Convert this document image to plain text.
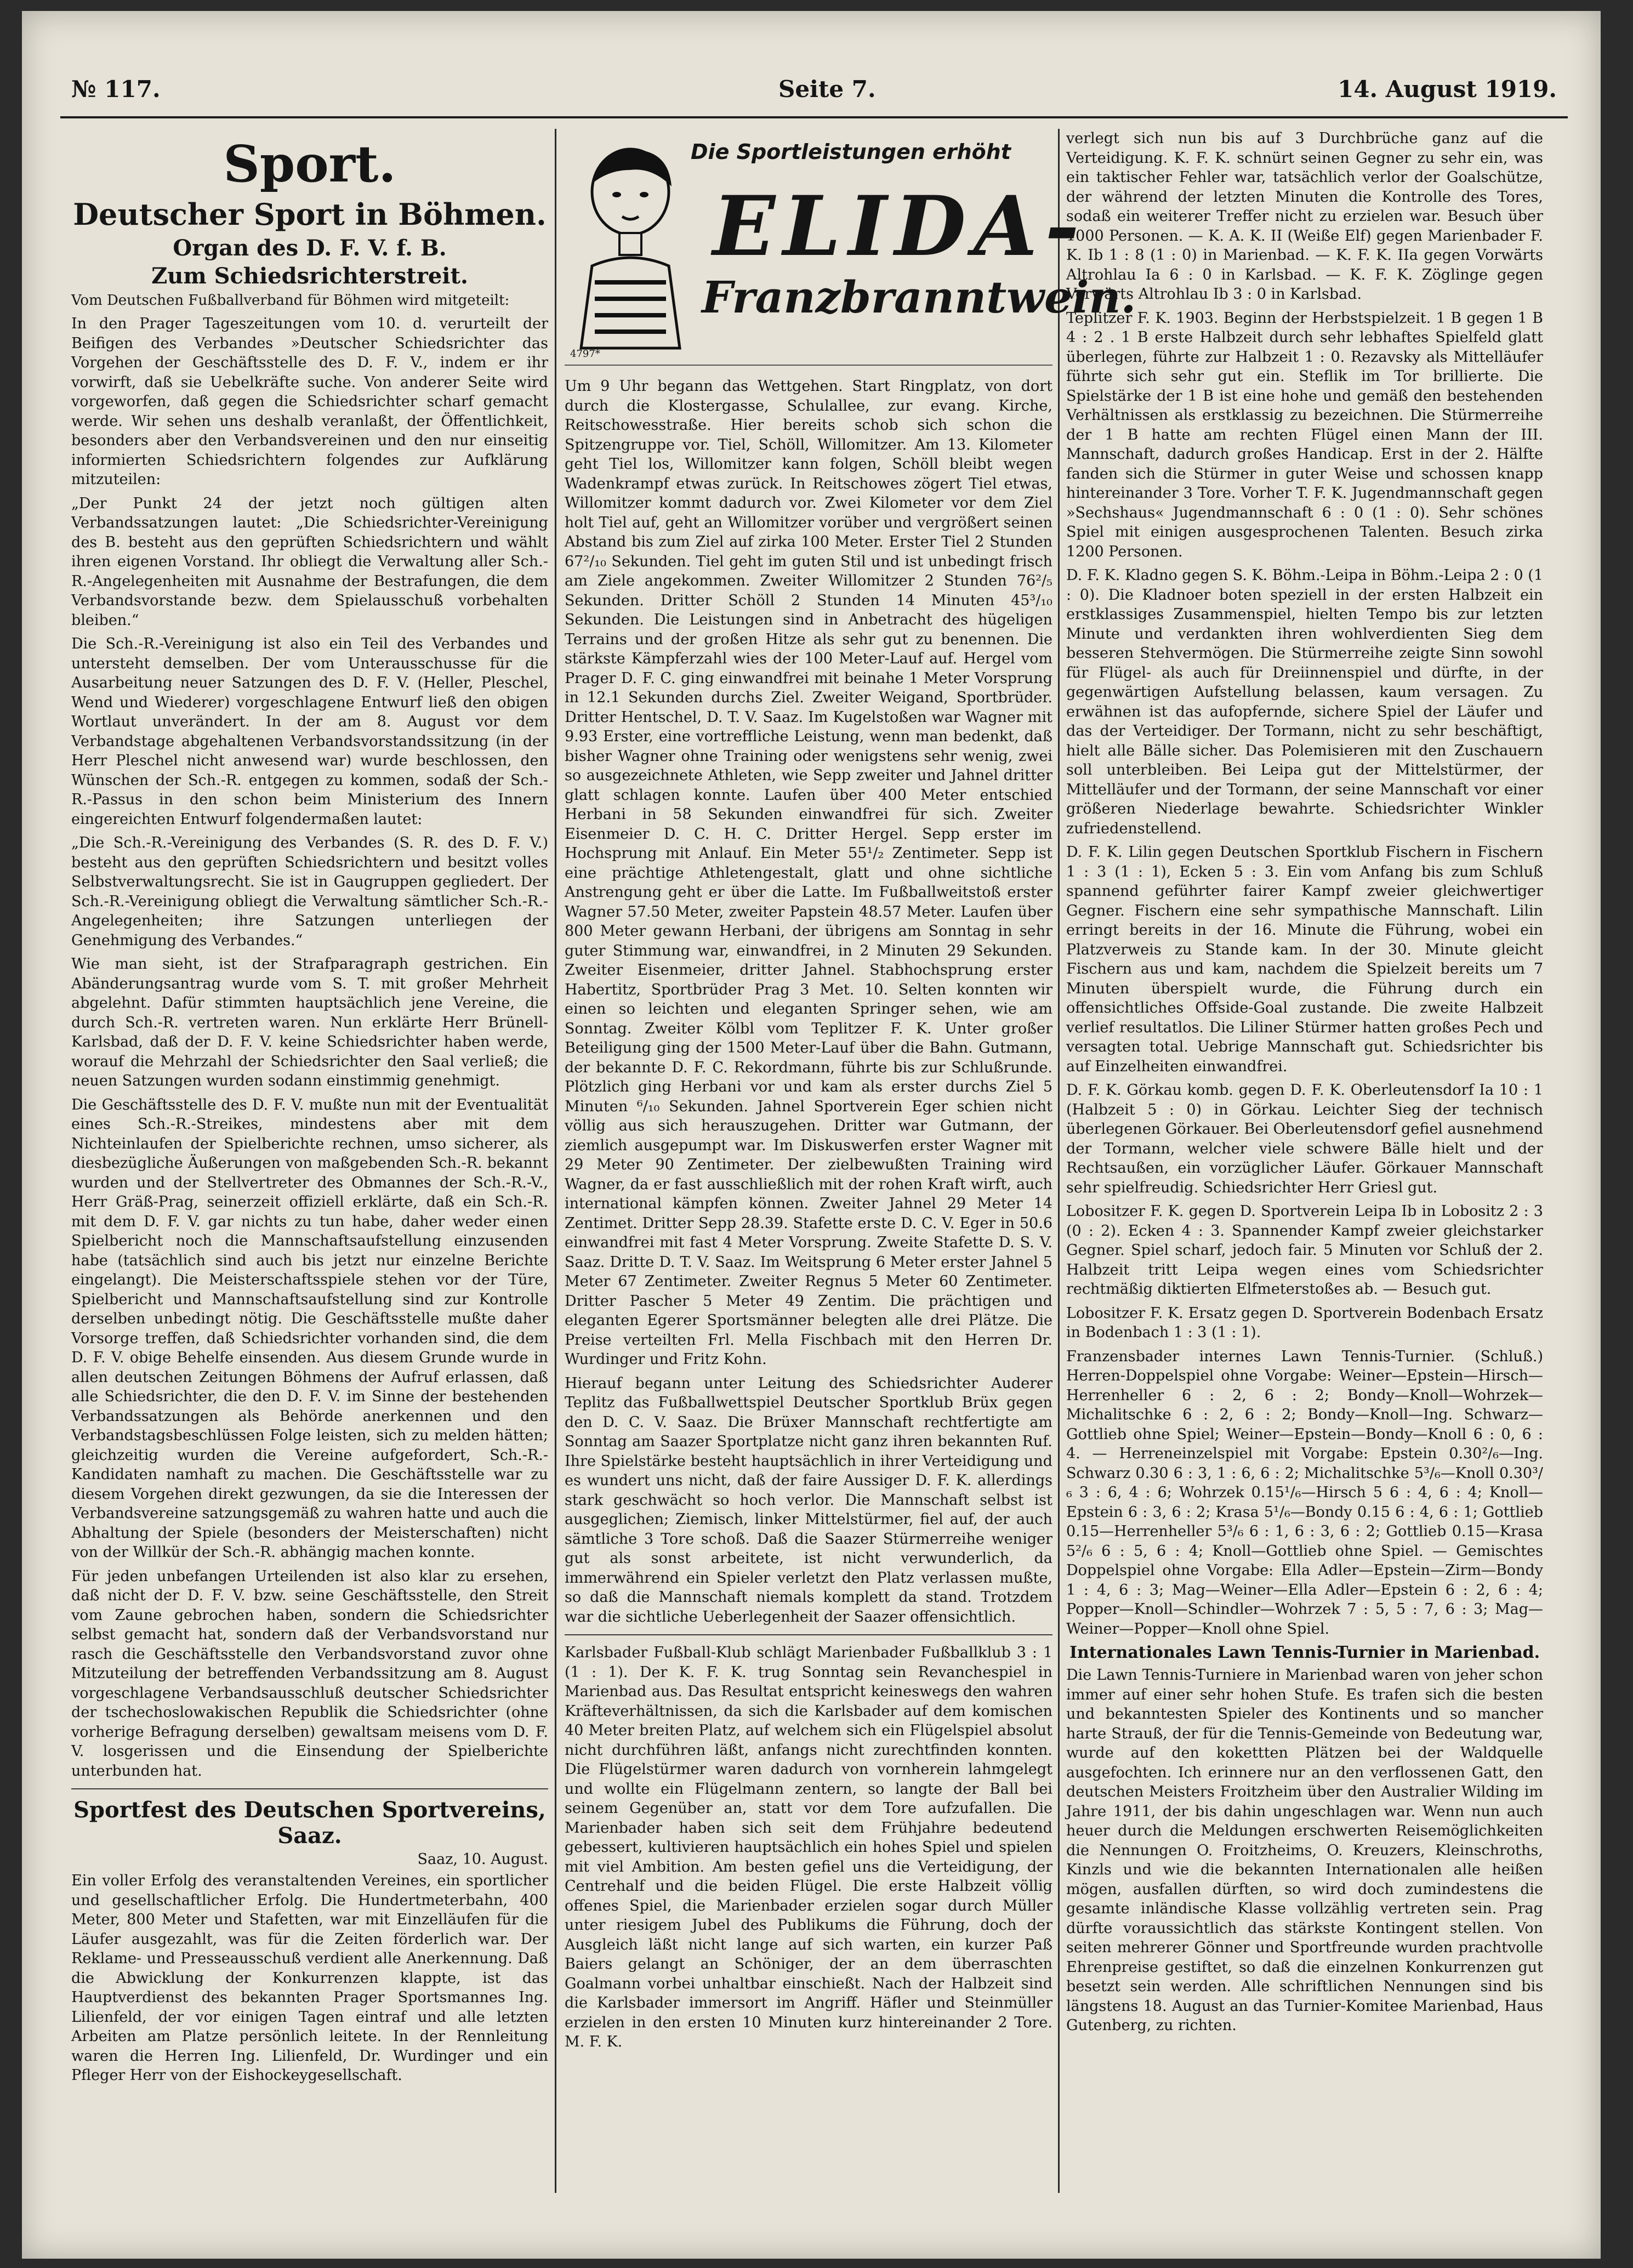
№ 117.	Seite 7.	14. August 1919.
Sport.
Deutscher Sport in Böhmen.
Organ des D. F. V. f. B.
Zum Schiedsrichterstreit.

Vom Deutschen Fußballverband für Böhmen wird mitgeteilt:

In den Prager Tageszeitungen vom 10. d. verurteilt der Beifigen des Verbandes »Deutscher Schiedsrichter das Vorgehen der Geschäftsstelle des D. F. V., indem er ihr vorwirft, daß sie Uebelkräfte suche. Von anderer Seite wird vorgeworfen, daß gegen die Schiedsrichter scharf gemacht werde. Wir sehen uns deshalb veranlaßt, der Öffentlichkeit, besonders aber den Verbandsvereinen und den nur einseitig informierten Schiedsrichtern folgendes zur Aufklärung mitzuteilen:

„Der Punkt 24 der jetzt noch gültigen alten Verbandssatzungen lautet: „Die Schiedsrichter-Vereinigung des B. besteht aus den geprüften Schiedsrichtern und wählt ihren eigenen Vorstand. Ihr obliegt die Verwaltung aller Sch.-R.-Angelegenheiten mit Ausnahme der Bestrafungen, die dem Verbandsvorstande bezw. dem Spielausschuß vorbehalten bleiben.“

Die Sch.-R.-Vereinigung ist also ein Teil des Verbandes und untersteht demselben. Der vom Unterausschusse für die Ausarbeitung neuer Satzungen des D. F. V. (Heller, Pleschel, Wend und Wiederer) vorgeschlagene Entwurf ließ den obigen Wortlaut unverändert. In der am 8. August vor dem Verbandstage abgehaltenen Verbandsvorstandssitzung (in der Herr Pleschel nicht anwesend war) wurde beschlossen, den Wünschen der Sch.-R. entgegen zu kommen, sodaß der Sch.-R.-Passus in den schon beim Ministerium des Innern eingereichten Entwurf folgendermaßen lautet:

„Die Sch.-R.-Vereinigung des Verbandes (S. R. des D. F. V.) besteht aus den geprüften Schiedsrichtern und besitzt volles Selbstverwaltungsrecht. Sie ist in Gaugruppen gegliedert. Der Sch.-R.-Vereinigung obliegt die Verwaltung sämtlicher Sch.-R.-Angelegenheiten; ihre Satzungen unterliegen der Genehmigung des Verbandes.“

Wie man sieht, ist der Strafparagraph gestrichen. Ein Abänderungsantrag wurde vom S. T. mit großer Mehrheit abgelehnt. Dafür stimmten hauptsächlich jene Vereine, die durch Sch.-R. vertreten waren. Nun erklärte Herr Brünell-Karlsbad, daß der D. F. V. keine Schiedsrichter haben werde, worauf die Mehrzahl der Schiedsrichter den Saal verließ; die neuen Satzungen wurden sodann einstimmig genehmigt.

Die Geschäftsstelle des D. F. V. mußte nun mit der Eventualität eines Sch.-R.-Streikes, mindestens aber mit dem Nichteinlaufen der Spielberichte rechnen, umso sicherer, als diesbezügliche Äußerungen von maßgebenden Sch.-R. bekannt wurden und der Stellvertreter des Obmannes der Sch.-R.-V., Herr Gräß-Prag, seinerzeit offiziell erklärte, daß ein Sch.-R. mit dem D. F. V. gar nichts zu tun habe, daher weder einen Spielbericht noch die Mannschaftsaufstellung einzusenden habe (tatsächlich sind auch bis jetzt nur einzelne Berichte eingelangt). Die Meisterschaftsspiele stehen vor der Türe, Spielbericht und Mannschaftsaufstellung sind zur Kontrolle derselben unbedingt nötig. Die Geschäftsstelle mußte daher Vorsorge treffen, daß Schiedsrichter vorhanden sind, die dem D. F. V. obige Behelfe einsenden. Aus diesem Grunde wurde in allen deutschen Zeitungen Böhmens der Aufruf erlassen, daß alle Schiedsrichter, die den D. F. V. im Sinne der bestehenden Verbandssatzungen als Behörde anerkennen und den Verbandstagsbeschlüssen Folge leisten, sich zu melden hätten; gleichzeitig wurden die Vereine aufgefordert, Sch.-R.-Kandidaten namhaft zu machen. Die Geschäftsstelle war zu diesem Vorgehen direkt gezwungen, da sie die Interessen der Verbandsvereine satzungsgemäß zu wahren hatte und auch die Abhaltung der Spiele (besonders der Meisterschaften) nicht von der Willkür der Sch.-R. abhängig machen konnte.

Für jeden unbefangen Urteilenden ist also klar zu ersehen, daß nicht der D. F. V. bzw. seine Geschäftsstelle, den Streit vom Zaune gebrochen haben, sondern die Schiedsrichter selbst gemacht hat, sondern daß der Verbandsvorstand nur rasch die Geschäftsstelle den Verbandsvorstand zuvor ohne Mitzuteilung der betreffenden Verbandssitzung am 8. August vorgeschlagene Verbandsausschluß deutscher Schiedsrichter der tschechoslowakischen Republik die Schiedsrichter (ohne vorherige Befragung derselben) gewaltsam meisens vom D. F. V. losgerissen und die Einsendung der Spielberichte unterbunden hat.

Sportfest des Deutschen Sportvereins, Saaz.
Saaz, 10. August.

Ein voller Erfolg des veranstaltenden Vereines, ein sportlicher und gesellschaftlicher Erfolg. Die Hundertmeterbahn, 400 Meter, 800 Meter und Stafetten, war mit Einzelläufen für die Läufer ausgezahlt, was für die Zeiten förderlich war. Der Reklame- und Presseausschuß verdient alle Anerkennung. Daß die Abwicklung der Konkurrenzen klappte, ist das Hauptverdienst des bekannten Prager Sportsmannes Ing. Lilienfeld, der vor einigen Tagen eintraf und alle letzten Arbeiten am Platze persönlich leitete. In der Rennleitung waren die Herren Ing. Lilienfeld, Dr. Wurdinger und ein Pfleger Herr von der Eishockeygesellschaft.

Die Sportleistungen erhöht
ELIDA-
Franzbranntwein.
4797*

Um 9 Uhr begann das Wettgehen. Start Ringplatz, von dort durch die Klostergasse, Schulallee, zur evang. Kirche, Reitschowesstraße. Hier bereits schob sich schon die Spitzengruppe vor. Tiel, Schöll, Willomitzer. Am 13. Kilometer geht Tiel los, Willomitzer kann folgen, Schöll bleibt wegen Wadenkrampf etwas zurück. In Reitschowes zögert Tiel etwas, Willomitzer kommt dadurch vor. Zwei Kilometer vor dem Ziel holt Tiel auf, geht an Willomitzer vorüber und vergrößert seinen Abstand bis zum Ziel auf zirka 100 Meter. Erster Tiel 2 Stunden 67²/₁₀ Sekunden. Tiel geht im guten Stil und ist unbedingt frisch am Ziele angekommen. Zweiter Willomitzer 2 Stunden 76²/₅ Sekunden. Dritter Schöll 2 Stunden 14 Minuten 45³/₁₀ Sekunden. Die Leistungen sind in Anbetracht des hügeligen Terrains und der großen Hitze als sehr gut zu benennen. Die stärkste Kämpferzahl wies der 100 Meter-Lauf auf. Hergel vom Prager D. F. C. ging einwandfrei mit beinahe 1 Meter Vorsprung in 12.1 Sekunden durchs Ziel. Zweiter Weigand, Sportbrüder. Dritter Hentschel, D. T. V. Saaz. Im Kugelstoßen war Wagner mit 9.93 Erster, eine vortreffliche Leistung, wenn man bedenkt, daß bisher Wagner ohne Training oder wenigstens sehr wenig, zwei so ausgezeichnete Athleten, wie Sepp zweiter und Jahnel dritter glatt schlagen konnte. Laufen über 400 Meter entschied Herbani in 58 Sekunden einwandfrei für sich. Zweiter Eisenmeier D. C. H. C. Dritter Hergel. Sepp erster im Hochsprung mit Anlauf. Ein Meter 55¹/₂ Zentimeter. Sepp ist eine prächtige Athletengestalt, glatt und ohne sichtliche Anstrengung geht er über die Latte. Im Fußballweitstoß erster Wagner 57.50 Meter, zweiter Papstein 48.57 Meter. Laufen über 800 Meter gewann Herbani, der übrigens am Sonntag in sehr guter Stimmung war, einwandfrei, in 2 Minuten 29 Sekunden. Zweiter Eisenmeier, dritter Jahnel. Stabhochsprung erster Habertitz, Sportbrüder Prag 3 Met. 10. Selten konnten wir einen so leichten und eleganten Springer sehen, wie am Sonntag. Zweiter Kölbl vom Teplitzer F. K. Unter großer Beteiligung ging der 1500 Meter-Lauf über die Bahn. Gutmann, der bekannte D. F. C. Rekordmann, führte bis zur Schlußrunde. Plötzlich ging Herbani vor und kam als erster durchs Ziel 5 Minuten ⁶/₁₀ Sekunden. Jahnel Sportverein Eger schien nicht völlig aus sich herauszugehen. Dritter war Gutmann, der ziemlich ausgepumpt war. Im Diskuswerfen erster Wagner mit 29 Meter 90 Zentimeter. Der zielbewußten Training wird Wagner, da er fast ausschließlich mit der rohen Kraft wirft, auch international kämpfen können. Zweiter Jahnel 29 Meter 14 Zentimet. Dritter Sepp 28.39. Stafette erste D. C. V. Eger in 50.6 einwandfrei mit fast 4 Meter Vorsprung. Zweite Stafette D. S. V. Saaz. Dritte D. T. V. Saaz. Im Weitsprung 6 Meter erster Jahnel 5 Meter 67 Zentimeter. Zweiter Regnus 5 Meter 60 Zentimeter. Dritter Pascher 5 Meter 49 Zentim. Die prächtigen und eleganten Egerer Sportsmänner belegten alle drei Plätze. Die Preise verteilten Frl. Mella Fischbach mit den Herren Dr. Wurdinger und Fritz Kohn.

Hierauf begann unter Leitung des Schiedsrichter Auderer Teplitz das Fußballwettspiel Deutscher Sportklub Brüx gegen den D. C. V. Saaz. Die Brüxer Mannschaft rechtfertigte am Sonntag am Saazer Sportplatze nicht ganz ihren bekannten Ruf. Ihre Spielstärke besteht hauptsächlich in ihrer Verteidigung und es wundert uns nicht, daß der faire Aussiger D. F. K. allerdings stark geschwächt so hoch verlor. Die Mannschaft selbst ist ausgeglichen; Ziemisch, linker Mittelstürmer, fiel auf, der auch sämtliche 3 Tore schoß. Daß die Saazer Stürmerreihe weniger gut als sonst arbeitete, ist nicht verwunderlich, da immerwährend ein Spieler verletzt den Platz verlassen mußte, so daß die Mannschaft niemals komplett da stand. Trotzdem war die sichtliche Ueberlegenheit der Saazer offensichtlich.

Karlsbader Fußball-Klub schlägt Marienbader Fußballklub 3 : 1 (1 : 1). Der K. F. K. trug Sonntag sein Revanchespiel in Marienbad aus. Das Resultat entspricht keineswegs den wahren Kräfteverhältnissen, da sich die Karlsbader auf dem komischen 40 Meter breiten Platz, auf welchem sich ein Flügelspiel absolut nicht durchführen läßt, anfangs nicht zurechtfinden konnten. Die Flügelstürmer waren dadurch von vornherein lahmgelegt und wollte ein Flügelmann zentern, so langte der Ball bei seinem Gegenüber an, statt vor dem Tore aufzufallen. Die Marienbader haben sich seit dem Frühjahre bedeutend gebessert, kultivieren hauptsächlich ein hohes Spiel und spielen mit viel Ambition. Am besten gefiel uns die Verteidigung, der Centrehalf und die beiden Flügel. Die erste Halbzeit völlig offenes Spiel, die Marienbader erzielen sogar durch Müller unter riesigem Jubel des Publikums die Führung, doch der Ausgleich läßt nicht lange auf sich warten, ein kurzer Paß Baiers gelangt an Schöniger, der an dem überraschten Goalmann vorbei unhaltbar einschießt. Nach der Halbzeit sind die Karlsbader immersort im Angriff. Häfler und Steinmüller erzielen in den ersten 10 Minuten kurz hintereinander 2 Tore. M. F. K.

verlegt sich nun bis auf 3 Durchbrüche ganz auf die Verteidigung. K. F. K. schnürt seinen Gegner zu sehr ein, was ein taktischer Fehler war, tatsächlich verlor der Goalschütze, der während der letzten Minuten die Kontrolle des Tores, sodaß ein weiterer Treffer nicht zu erzielen war. Besuch über 1000 Personen. — K. A. K. II (Weiße Elf) gegen Marienbader F. K. Ib 1 : 8 (1 : 0) in Marienbad. — K. F. K. IIa gegen Vorwärts Altrohlau Ia 6 : 0 in Karlsbad. — K. F. K. Zöglinge gegen Vorwärts Altrohlau Ib 3 : 0 in Karlsbad.

Teplitzer F. K. 1903. Beginn der Herbstspielzeit. 1 B gegen 1 B 4 : 2 . 1 B erste Halbzeit durch sehr lebhaftes Spielfeld glatt überlegen, führte zur Halbzeit 1 : 0. Rezavsky als Mittelläufer führte sich sehr gut ein. Steflik im Tor brillierte. Die Spielstärke der 1 B ist eine hohe und gemäß den bestehenden Verhältnissen als erstklassig zu bezeichnen. Die Stürmerreihe der 1 B hatte am rechten Flügel einen Mann der III. Mannschaft, dadurch großes Handicap. Erst in der 2. Hälfte fanden sich die Stürmer in guter Weise und schossen knapp hintereinander 3 Tore. Vorher T. F. K. Jugendmannschaft gegen »Sechshaus« Jugendmannschaft 6 : 0 (1 : 0). Sehr schönes Spiel mit einigen ausgesprochenen Talenten. Besuch zirka 1200 Personen.

D. F. K. Kladno gegen S. K. Böhm.-Leipa in Böhm.-Leipa 2 : 0 (1 : 0). Die Kladnoer boten speziell in der ersten Halbzeit ein erstklassiges Zusammenspiel, hielten Tempo bis zur letzten Minute und verdankten ihren wohlverdienten Sieg dem besseren Stehvermögen. Die Stürmerreihe zeigte Sinn sowohl für Flügel- als auch für Dreiinnenspiel und dürfte, in der gegenwärtigen Aufstellung belassen, kaum versagen. Zu erwähnen ist das aufopfernde, sichere Spiel der Läufer und das der Verteidiger. Der Tormann, nicht zu sehr beschäftigt, hielt alle Bälle sicher. Das Polemisieren mit den Zuschauern soll unterbleiben. Bei Leipa gut der Mittelstürmer, der Mittelläufer und der Tormann, der seine Mannschaft vor einer größeren Niederlage bewahrte. Schiedsrichter Winkler zufriedenstellend.

D. F. K. Lilin gegen Deutschen Sportklub Fischern in Fischern 1 : 3 (1 : 1), Ecken 5 : 3. Ein vom Anfang bis zum Schluß spannend geführter fairer Kampf zweier gleichwertiger Gegner. Fischern eine sehr sympathische Mannschaft. Lilin erringt bereits in der 16. Minute die Führung, wobei ein Platzverweis zu Stande kam. In der 30. Minute gleicht Fischern aus und kam, nachdem die Spielzeit bereits um 7 Minuten überspielt wurde, die Führung durch ein offensichtliches Offside-Goal zustande. Die zweite Halbzeit verlief resultatlos. Die Liliner Stürmer hatten großes Pech und versagten total. Uebrige Mannschaft gut. Schiedsrichter bis auf Einzelheiten einwandfrei.

D. F. K. Görkau komb. gegen D. F. K. Oberleutensdorf Ia 10 : 1 (Halbzeit 5 : 0) in Görkau. Leichter Sieg der technisch überlegenen Görkauer. Bei Oberleutensdorf gefiel ausnehmend der Tormann, welcher viele schwere Bälle hielt und der Rechtsaußen, ein vorzüglicher Läufer. Görkauer Mannschaft sehr spielfreudig. Schiedsrichter Herr Griesl gut.

Lobositzer F. K. gegen D. Sportverein Leipa Ib in Lobositz 2 : 3 (0 : 2). Ecken 4 : 3. Spannender Kampf zweier gleichstarker Gegner. Spiel scharf, jedoch fair. 5 Minuten vor Schluß der 2. Halbzeit tritt Leipa wegen eines vom Schiedsrichter rechtmäßig diktierten Elfmeterstoßes ab. — Besuch gut.

Lobositzer F. K. Ersatz gegen D. Sportverein Bodenbach Ersatz in Bodenbach 1 : 3 (1 : 1).

Franzensbader internes Lawn Tennis-Turnier. (Schluß.) Herren-Doppelspiel ohne Vorgabe: Weiner—Epstein—Hirsch—Herrenheller 6 : 2, 6 : 2; Bondy—Knoll—Wohrzek—Michalitschke 6 : 2, 6 : 2; Bondy—Knoll—Ing. Schwarz—Gottlieb ohne Spiel; Weiner—Epstein—Bondy—Knoll 6 : 0, 6 : 4. — Herreneinzelspiel mit Vorgabe: Epstein 0.30²/₆—Ing. Schwarz 0.30 6 : 3, 1 : 6, 6 : 2; Michalitschke 5³/₆—Knoll 0.30³/₆ 3 : 6, 4 : 6; Wohrzek 0.15¹/₆—Hirsch 5 6 : 4, 6 : 4; Knoll—Epstein 6 : 3, 6 : 2; Krasa 5¹/₆—Bondy 0.15 6 : 4, 6 : 1; Gottlieb 0.15—Herrenheller 5³/₆ 6 : 1, 6 : 3, 6 : 2; Gottlieb 0.15—Krasa 5²/₆ 6 : 5, 6 : 4; Knoll—Gottlieb ohne Spiel. — Gemischtes Doppelspiel ohne Vorgabe: Ella Adler—Epstein—Zirm—Bondy 1 : 4, 6 : 3; Mag—Weiner—Ella Adler—Epstein 6 : 2, 6 : 4; Popper—Knoll—Schindler—Wohrzek 7 : 5, 5 : 7, 6 : 3; Mag—Weiner—Popper—Knoll ohne Spiel.

Internationales Lawn Tennis-Turnier in Marienbad.

Die Lawn Tennis-Turniere in Marienbad waren von jeher schon immer auf einer sehr hohen Stufe. Es trafen sich die besten und bekanntesten Spieler des Kontinents und so mancher harte Strauß, der für die Tennis-Gemeinde von Bedeutung war, wurde auf den kokettten Plätzen bei der Waldquelle ausgefochten. Ich erinnere nur an den verflossenen Gatt, den deutschen Meisters Froitzheim über den Australier Wilding im Jahre 1911, der bis dahin ungeschlagen war. Wenn nun auch heuer durch die Meldungen erschwerten Reisemöglichkeiten die Nennungen O. Froitzheims, O. Kreuzers, Kleinschroths, Kinzls und wie die bekannten Internationalen alle heißen mögen, ausfallen dürften, so wird doch zumindestens die gesamte inländische Klasse vollzählig vertreten sein. Prag dürfte voraussichtlich das stärkste Kontingent stellen. Von seiten mehrerer Gönner und Sportfreunde wurden prachtvolle Ehrenpreise gestiftet, so daß die einzelnen Konkurrenzen gut besetzt sein werden. Alle schriftlichen Nennungen sind bis längstens 18. August an das Turnier-Komitee Marienbad, Haus Gutenberg, zu richten.
